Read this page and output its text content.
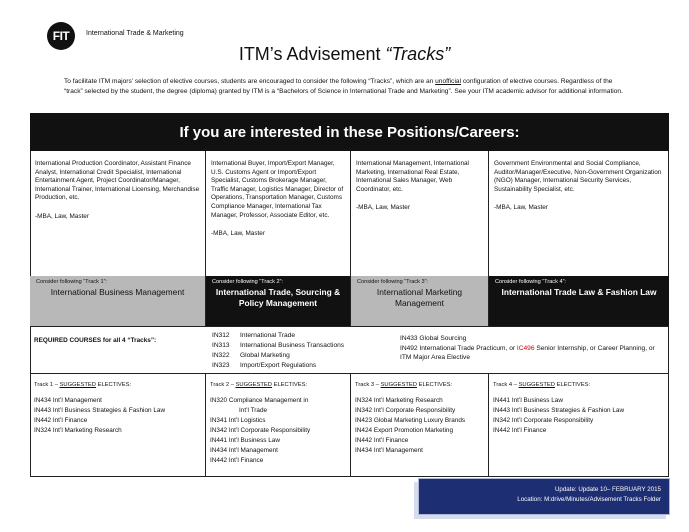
FIT International Trade & Marketing
ITM’s Advisement “Tracks”
To facilitate ITM majors’ selection of elective courses, students are encouraged to consider the following “Tracks”, which are an unofficial configuration of elective courses. Regardless of the “track” selected by the student, the degree (diploma) granted by ITM is a “Bachelors of Science in International Trade and Marketing”. See your ITM academic advisor for additional information.
If you are interested in these Positions/Careers:
International Production Coordinator, Assistant Finance Analyst, International Credit Specialist, International Entertainment Agent, Project Coordinator/Manager, International Trainer, International Licensing, Merchandise Production, etc.
-MBA, Law, Master
International Buyer, Import/Export Manager, U.S. Customs Agent or Import/Export Specialist, Customs Brokerage Manager, Traffic Manager, Logistics Manager, Director of Operations, Transportation Manager, Customs Compliance Manager, International Tax Manager, Professor, Associate Editor, etc.
-MBA, Law, Master
International Management, International Marketing, International Real Estate, International Sales Manager, Web Coordinator, etc.
-MBA, Law, Master
Government Environmental and Social Compliance, Auditor/Manager/Executive, Non-Government Organization (NGO) Manager, International Security Services, Sustainability Specialist, etc.
-MBA, Law, Master
Consider following “Track 1”:
International Business Management
Consider following “Track 2”:
International Trade, Sourcing & Policy Management
Consider following “Track 3”:
International Marketing Management
Consider following “Track 4”:
International Trade Law & Fashion Law
REQUIRED COURSES for all 4 “Tracks”:
IN312 International Trade
IN313 International Business Transactions
IN322 Global Marketing
IN323 Import/Export Regulations
IN433 Global Sourcing
IN492 International Trade Practicum, or IC496 Senior Internship, or Career Planning, or ITM Major Area Elective
Track 1 – SUGGESTED ELECTIVES:
IN434 Int’l Management
IN443 Int’l Business Strategies & Fashion Law
IN442 Int’l Finance
IN324 Int’l Marketing Research
Track 2 – SUGGESTED ELECTIVES:
IN320 Compliance Management in
Int’l Trade
IN341 Int’l Logistics
IN342 Int’l Corporate Responsibility
IN441 Int’l Business Law
IN434 Int’l Management
IN442 Int’l Finance
Track 3 – SUGGESTED ELECTIVES:
IN324 Int’l Marketing Research
IN342 Int’l Corporate Responsibility
IN423 Global Marketing Luxury Brands
IN424 Export Promotion Marketing
IN442 Int’l Finance
IN434 Int’l Management
Track 4 – SUGGESTED ELECTIVES:
IN441 Int’l Business Law
IN443 Int’l Business Strategies & Fashion Law
IN342 Int’l Corporate Responsibility
IN442 Int’l Finance
Update: Update 10– FEBRUARY 2015
Location: M:drive/Minutes/Advisement Tracks Folder
